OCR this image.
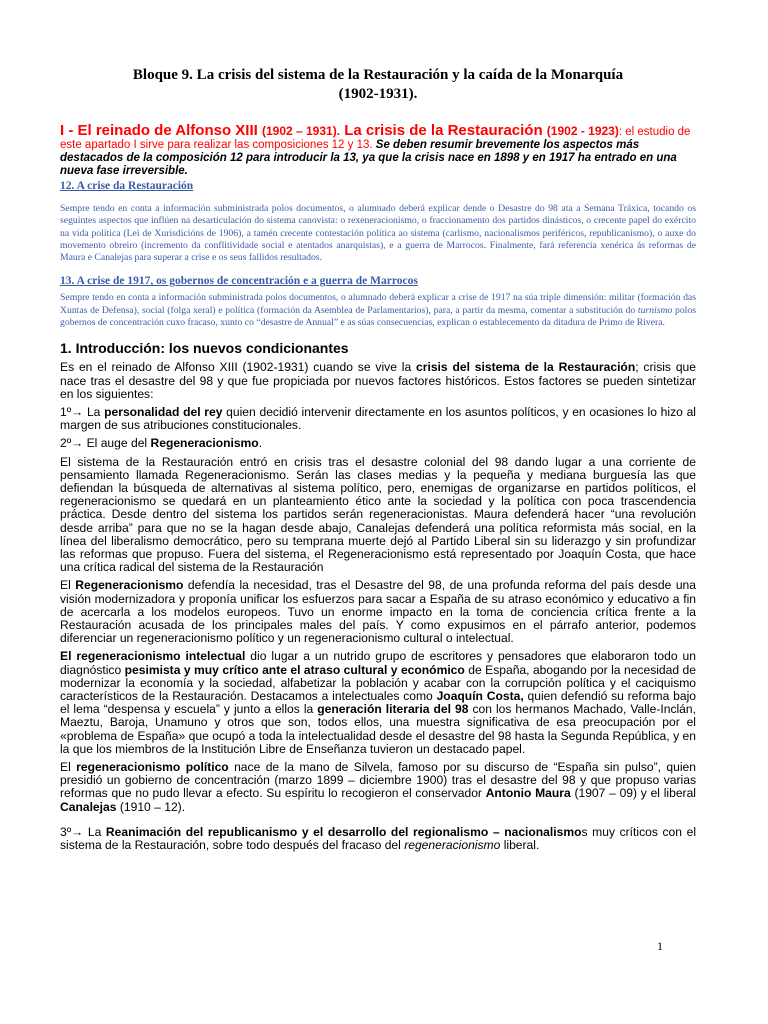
Bloque 9. La crisis del sistema de la Restauración y la caída de la Monarquía
(1902-1931).

I - El reinado de Alfonso XIII (1902 – 1931). La crisis de la Restauración (1902 - 1923): el estudio de este apartado I sirve para realizar las composiciones 12 y 13. Se deben resumir brevemente los aspectos más destacados de la composición 12 para introducir la 13, ya que la crisis nace en 1898 y en 1917 ha entrado en una nueva fase irreversible.

12. A crise da Restauración

Sempre tendo en conta a información subministrada polos documentos, o alumnado deberá explicar dende o Desastre do 98 ata a Semana Tráxica, tocando os seguintes aspectos que inflúen na desarticulación do sistema canovista: o rexeneracionismo, o fraccionamento dos partidos dinásticos, o crecente papel do exército na vida política (Lei de Xurisdicións de 1906), a tamén crecente contestación política ao sistema (carlismo, nacionalismos periféricos, republicanismo), o auxe do movemento obreiro (incremento da conflitividade social e atentados anarquistas), e a guerra de Marrocos. Finalmente, fará referencia xenérica ás reformas de Maura e Canalejas para superar a crise e os seus fallidos resultados.

13. A crise de 1917, os gobernos de concentración e a guerra de Marrocos

Sempre tendo en conta a información subministrada polos documentos, o alumnado deberá explicar a crise de 1917 na súa triple dimensión: militar (formación das Xuntas de Defensa), social (folga xeral) e política (formación da Asemblea de Parlamentarios), para, a partir da mesma, comentar a substitución do turnismo polos gobernos de concentración cuxo fracaso, xunto co “desastre de Annual” e as súas consecuencias, explican o establecemento da ditadura de Primo de Rivera.

1. Introducción: los nuevos condicionantes

Es en el reinado de Alfonso XIII (1902-1931) cuando se vive la crisis del sistema de la Restauración; crisis que nace tras el desastre del 98 y que fue propiciada por nuevos factores históricos. Estos factores se pueden sintetizar en los siguientes:

1º→ La personalidad del rey quien decidió intervenir directamente en los asuntos políticos, y en ocasiones lo hizo al margen de sus atribuciones constitucionales.

2º→ El auge del Regeneracionismo.

El sistema de la Restauración entró en crisis tras el desastre colonial del 98 dando lugar a una corriente de pensamiento llamada Regeneracionismo. Serán las clases medias y la pequeña y mediana burguesía las que defiendan la búsqueda de alternativas al sistema político, pero, enemigas de organizarse en partidos políticos, el regeneracionismo se quedará en un planteamiento ético ante la sociedad y la política con poca trascendencia práctica. Desde dentro del sistema los partidos serán regeneracionistas. Maura defenderá hacer “una revolución desde arriba” para que no se la hagan desde abajo, Canalejas defenderá una política reformista más social, en la línea del liberalismo democrático, pero su temprana muerte dejó al Partido Liberal sin su liderazgo y sin profundizar las reformas que propuso. Fuera del sistema, el Regeneracionismo está representado por Joaquín Costa, que hace una crítica radical del sistema de la Restauración

El Regeneracionismo defendía la necesidad, tras el Desastre del 98, de una profunda reforma del país desde una visión modernizadora y proponía unificar los esfuerzos para sacar a España de su atraso económico y educativo a fin de acercarla a los modelos europeos. Tuvo un enorme impacto en la toma de conciencia crítica frente a la Restauración acusada de los principales males del país. Y como expusimos en el párrafo anterior, podemos diferenciar un regeneracionismo político y un regeneracionismo cultural o intelectual.

El regeneracionismo intelectual dio lugar a un nutrido grupo de escritores y pensadores que elaboraron todo un diagnóstico pesimista y muy crítico ante el atraso cultural y económico de España, abogando por la necesidad de modernizar la economía y la sociedad, alfabetizar la población y acabar con la corrupción política y el caciquismo característicos de la Restauración. Destacamos a intelectuales como Joaquín Costa, quien defendió su reforma bajo el lema “despensa y escuela” y junto a ellos la generación literaria del 98 con los hermanos Machado, Valle-Inclán, Maeztu, Baroja, Unamuno y otros que son, todos ellos, una muestra significativa de esa preocupación por el «problema de España» que ocupó a toda la intelectualidad desde el desastre del 98 hasta la Segunda República, y en la que los miembros de la Institución Libre de Enseñanza tuvieron un destacado papel.

El regeneracionismo político nace de la mano de Silvela, famoso por su discurso de “España sin pulso”, quien presidió un gobierno de concentración (marzo 1899 – diciembre 1900) tras el desastre del 98 y que propuso varias reformas que no pudo llevar a efecto. Su espíritu lo recogieron el conservador Antonio Maura (1907 – 09) y el liberal Canalejas (1910 – 12).

3º→ La Reanimación del republicanismo y el desarrollo del regionalismo – nacionalismos muy críticos con el sistema de la Restauración, sobre todo después del fracaso del regeneracionismo liberal.

1
